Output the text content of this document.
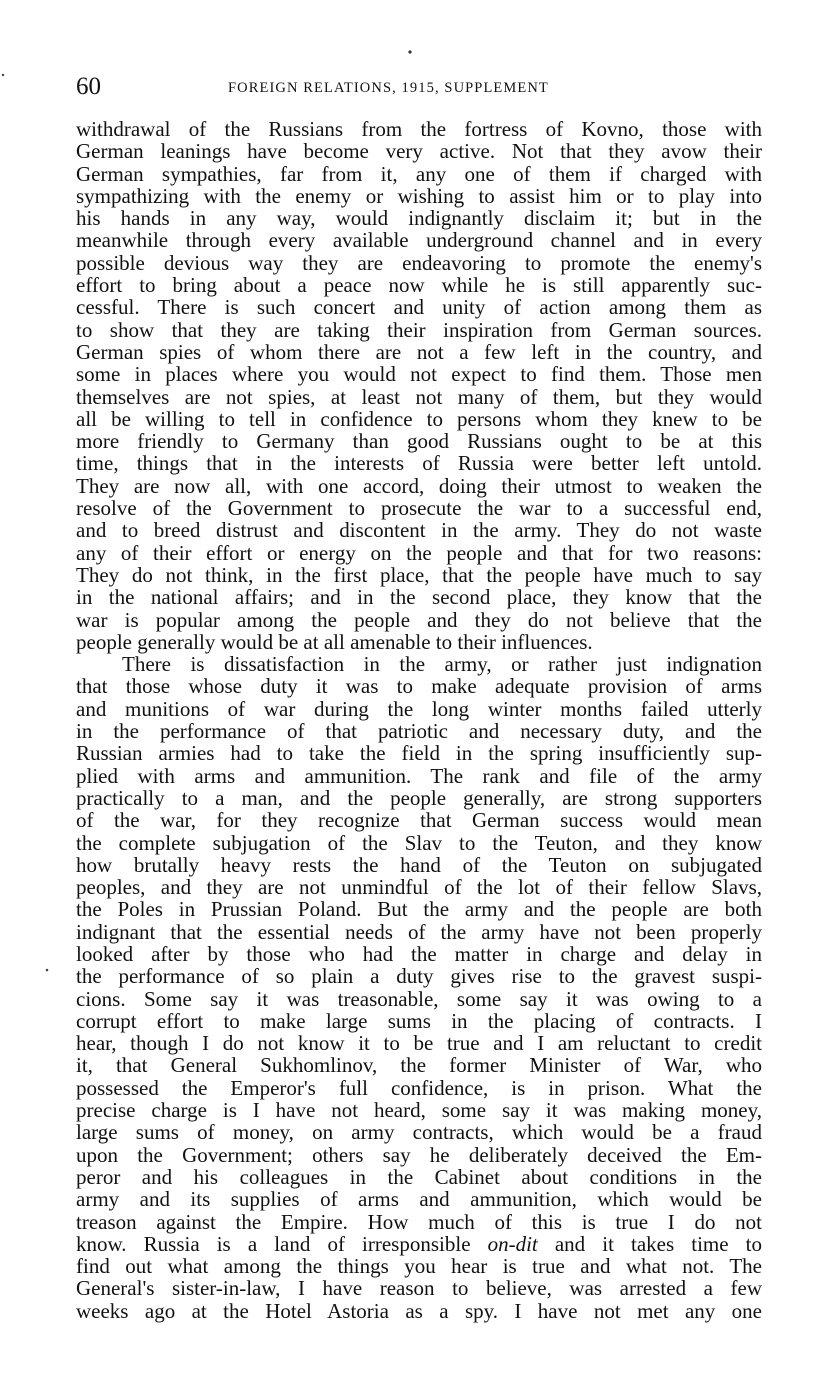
60	FOREIGN RELATIONS, 1915, SUPPLEMENT
withdrawal of the Russians from the fortress of Kovno, those with
German leanings have become very active. Not that they avow their
German sympathies, far from it, any one of them if charged with
sympathizing with the enemy or wishing to assist him or to play into
his hands in any way, would indignantly disclaim it; but in the
meanwhile through every available underground channel and in every
possible devious way they are endeavoring to promote the enemy's
effort to bring about a peace now while he is still apparently suc-
cessful. There is such concert and unity of action among them as
to show that they are taking their inspiration from German sources.
German spies of whom there are not a few left in the country, and
some in places where you would not expect to find them. Those men
themselves are not spies, at least not many of them, but they would
all be willing to tell in confidence to persons whom they knew to be
more friendly to Germany than good Russians ought to be at this
time, things that in the interests of Russia were better left untold.
They are now all, with one accord, doing their utmost to weaken the
resolve of the Government to prosecute the war to a successful end,
and to breed distrust and discontent in the army. They do not waste
any of their effort or energy on the people and that for two reasons:
They do not think, in the first place, that the people have much to say
in the national affairs; and in the second place, they know that the
war is popular among the people and they do not believe that the
people generally would be at all amenable to their influences.
There is dissatisfaction in the army, or rather just indignation
that those whose duty it was to make adequate provision of arms
and munitions of war during the long winter months failed utterly
in the performance of that patriotic and necessary duty, and the
Russian armies had to take the field in the spring insufficiently sup-
plied with arms and ammunition. The rank and file of the army
practically to a man, and the people generally, are strong supporters
of the war, for they recognize that German success would mean
the complete subjugation of the Slav to the Teuton, and they know
how brutally heavy rests the hand of the Teuton on subjugated
peoples, and they are not unmindful of the lot of their fellow Slavs,
the Poles in Prussian Poland. But the army and the people are both
indignant that the essential needs of the army have not been properly
looked after by those who had the matter in charge and delay in
the performance of so plain a duty gives rise to the gravest suspi-
cions. Some say it was treasonable, some say it was owing to a
corrupt effort to make large sums in the placing of contracts. I
hear, though I do not know it to be true and I am reluctant to credit
it, that General Sukhomlinov, the former Minister of War, who
possessed the Emperor's full confidence, is in prison. What the
precise charge is I have not heard, some say it was making money,
large sums of money, on army contracts, which would be a fraud
upon the Government; others say he deliberately deceived the Em-
peror and his colleagues in the Cabinet about conditions in the
army and its supplies of arms and ammunition, which would be
treason against the Empire. How much of this is true I do not
know. Russia is a land of irresponsible on-dit and it takes time to
find out what among the things you hear is true and what not. The
General's sister-in-law, I have reason to believe, was arrested a few
weeks ago at the Hotel Astoria as a spy. I have not met any one
